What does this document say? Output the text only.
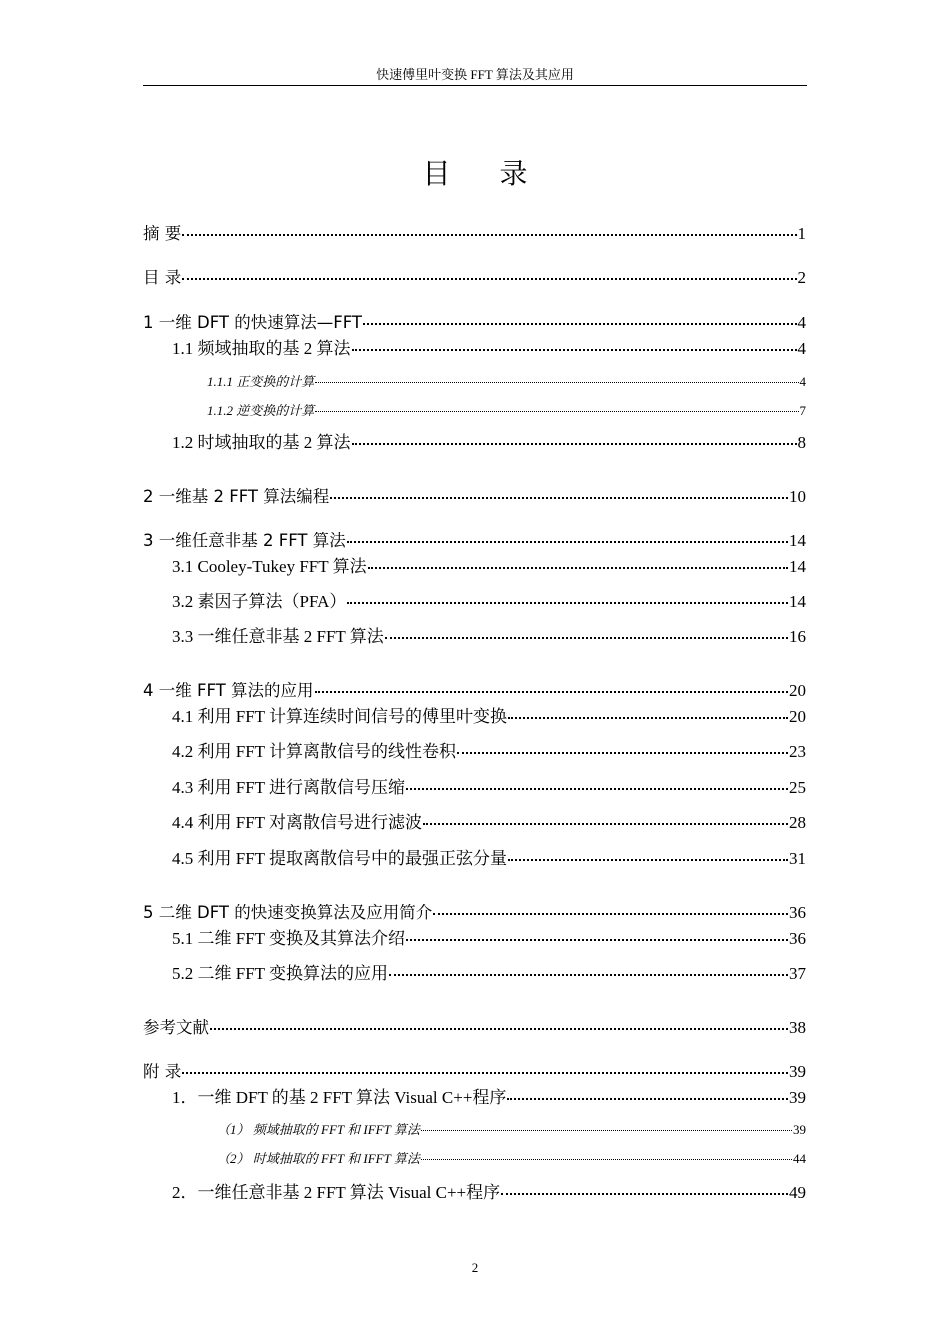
快速傅里叶变换 FFT 算法及其应用
目 录
摘 要	1
目 录	2
1 一维 DFT 的快速算法—FFT	4
1.1 频域抽取的基 2 算法	4
1.1.1 正变换的计算	4
1.1.2 逆变换的计算	7
1.2 时域抽取的基 2 算法	8
2 一维基 2 FFT 算法编程	10
3 一维任意非基 2 FFT 算法	14
3.1 Cooley-Tukey FFT 算法	14
3.2 素因子算法（PFA）	14
3.3 一维任意非基 2 FFT 算法	16
4 一维 FFT 算法的应用	20
4.1 利用 FFT 计算连续时间信号的傅里叶变换	20
4.2 利用 FFT 计算离散信号的线性卷积	23
4.3 利用 FFT 进行离散信号压缩	25
4.4 利用 FFT 对离散信号进行滤波	28
4.5 利用 FFT 提取离散信号中的最强正弦分量	31
5 二维 DFT 的快速变换算法及应用简介	36
5.1 二维 FFT 变换及其算法介绍	36
5.2 二维 FFT 变换算法的应用	37
参考文献	38
附 录	39
1．一维 DFT 的基 2 FFT 算法 Visual C++程序	39
（1） 频域抽取的 FFT 和 IFFT 算法	39
（2） 时域抽取的 FFT 和 IFFT 算法	44
2．一维任意非基 2 FFT 算法 Visual C++程序	49
2
